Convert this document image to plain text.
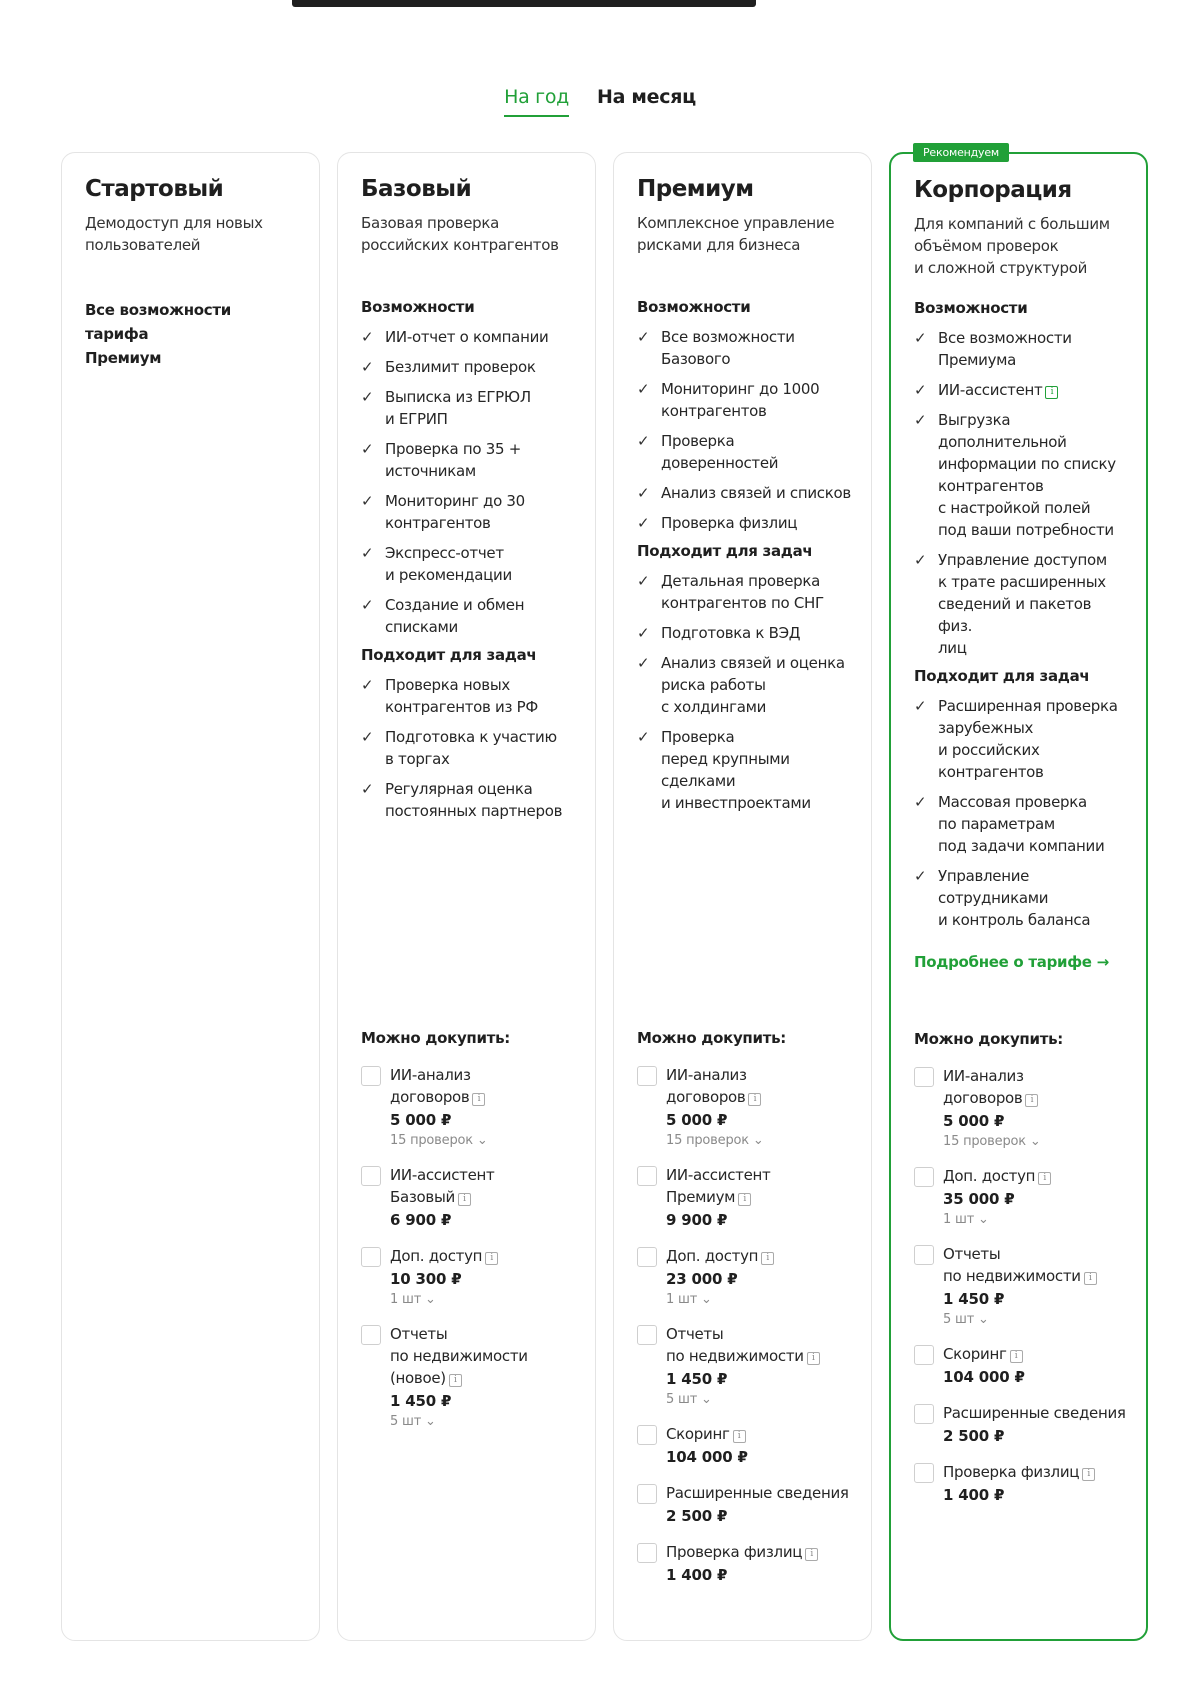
На год На месяц
Стартовый
Демодоступ для новых
пользователей
Все возможности тарифа
Премиум
Базовый
Базовая проверка
российских контрагентов
Возможности
✓ ИИ-отчет о компании
✓ Безлимит проверок
✓ Выписка из ЕГРЮЛ
и ЕГРИП
✓ Проверка по 35 +
источникам
✓ Мониторинг до 30
контрагентов
✓ Экспресс-отчет
и рекомендации
✓ Создание и обмен
списками
Подходит для задач
✓ Проверка новых
контрагентов из РФ
✓ Подготовка к участию
в торгах
✓ Регулярная оценка
постоянных партнеров
Можно докупить:
ИИ-анализ
договоров i
5 000 ₽
15 проверок ⌄
ИИ-ассистент
Базовый i
6 900 ₽
Доп. доступ i
10 300 ₽
1 шт ⌄
Отчеты
по недвижимости
(новое) i
1 450 ₽
5 шт ⌄
Премиум
Комплексное управление
рисками для бизнеса
Возможности
✓ Все возможности
Базового
✓ Мониторинг до 1000
контрагентов
✓ Проверка
доверенностей
✓ Анализ связей и списков
✓ Проверка физлиц
Подходит для задач
✓ Детальная проверка
контрагентов по СНГ
✓ Подготовка к ВЭД
✓ Анализ связей и оценка
риска работы
с холдингами
✓ Проверка
перед крупными
сделками
и инвестпроектами
Можно докупить:
ИИ-анализ
договоров i
5 000 ₽
15 проверок ⌄
ИИ-ассистент
Премиум i
9 900 ₽
Доп. доступ i
23 000 ₽
1 шт ⌄
Отчеты
по недвижимости i
1 450 ₽
5 шт ⌄
Скоринг i
104 000 ₽
Расширенные сведения
2 500 ₽
Проверка физлиц i
1 400 ₽
Рекомендуем
Корпорация
Для компаний с большим
объёмом проверок
и сложной структурой
Возможности
✓ Все возможности
Премиума
✓ ИИ-ассистент i
✓ Выгрузка
дополнительной
информации по списку
контрагентов
с настройкой полей
под ваши потребности
✓ Управление доступом
к трате расширенных
сведений и пакетов физ.
лиц
Подходит для задач
✓ Расширенная проверка
зарубежных
и российских
контрагентов
✓ Массовая проверка
по параметрам
под задачи компании
✓ Управление
сотрудниками
и контроль баланса
Подробнее о тарифе →
Можно докупить:
ИИ-анализ
договоров i
5 000 ₽
15 проверок ⌄
Доп. доступ i
35 000 ₽
1 шт ⌄
Отчеты
по недвижимости i
1 450 ₽
5 шт ⌄
Скоринг i
104 000 ₽
Расширенные сведения
2 500 ₽
Проверка физлиц i
1 400 ₽
